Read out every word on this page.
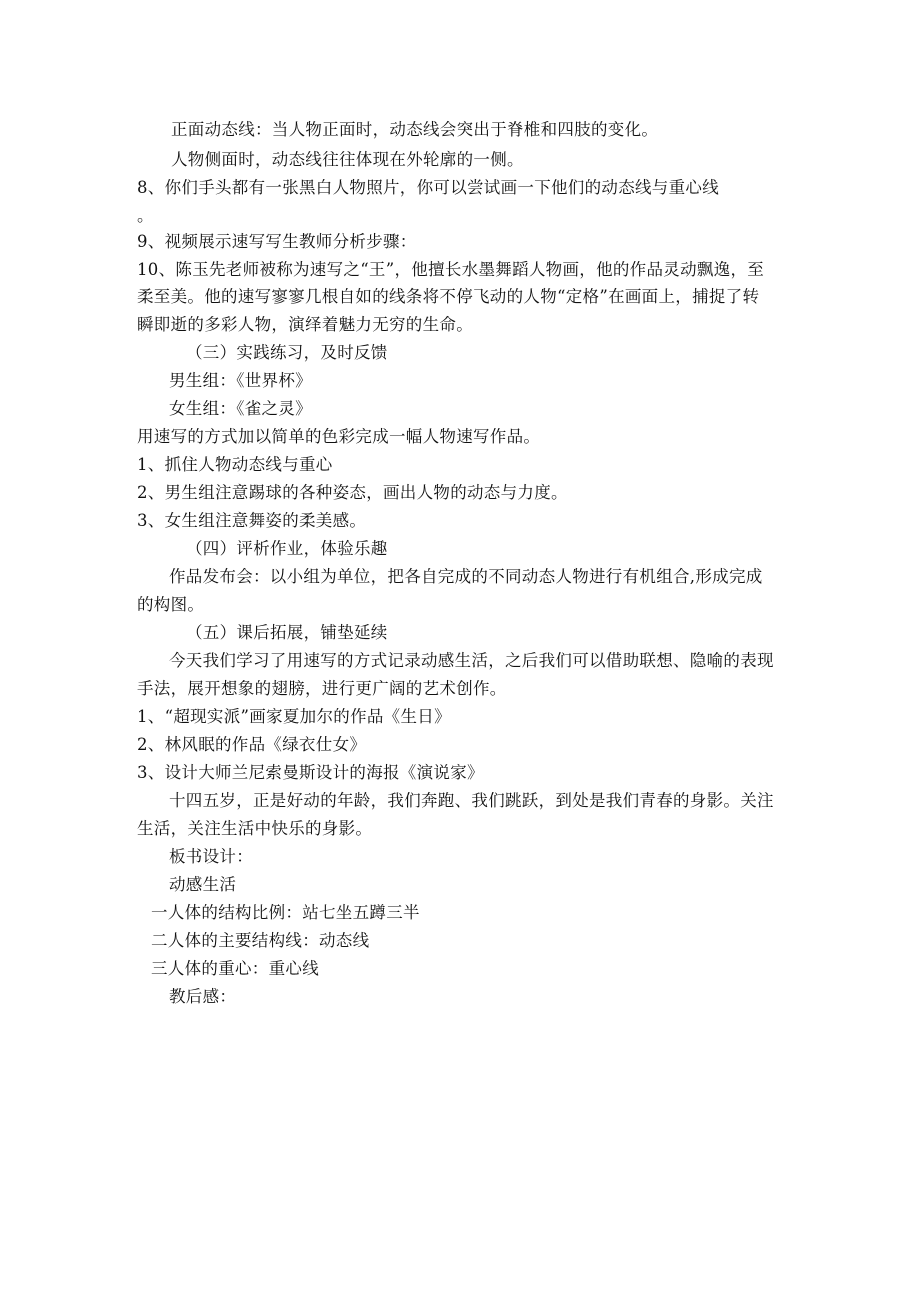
正面动态线：当人物正面时，动态线会突出于脊椎和四肢的变化。
人物侧面时，动态线往往体现在外轮廓的一侧。
8、你们手头都有一张黑白人物照片，你可以尝试画一下他们的动态线与重心线
。
9、视频展示速写写生教师分析步骤：
10、陈玉先老师被称为速写之“王”，他擅长水墨舞蹈人物画，他的作品灵动飘逸，至
柔至美。他的速写寥寥几根自如的线条将不停飞动的人物“定格”在画面上，捕捉了转
瞬即逝的多彩人物，演绎着魅力无穷的生命。
（三）实践练习，及时反馈
男生组：《世界杯》
女生组：《雀之灵》
用速写的方式加以简单的色彩完成一幅人物速写作品。
1、抓住人物动态线与重心
2、男生组注意踢球的各种姿态，画出人物的动态与力度。
3、女生组注意舞姿的柔美感。
（四）评析作业，体验乐趣
作品发布会：以小组为单位，把各自完成的不同动态人物进行有机组合,形成完成
的构图。
（五）课后拓展，铺垫延续
今天我们学习了用速写的方式记录动感生活，之后我们可以借助联想、隐喻的表现
手法，展开想象的翅膀，进行更广阔的艺术创作。
1、“超现实派”画家夏加尔的作品《生日》
2、林风眠的作品《绿衣仕女》
3、设计大师兰尼索曼斯设计的海报《演说家》
十四五岁，正是好动的年龄，我们奔跑、我们跳跃，到处是我们青春的身影。关注
生活，关注生活中快乐的身影。
板书设计：
动感生活
一人体的结构比例：站七坐五蹲三半
二人体的主要结构线：动态线
三人体的重心：重心线
教后感：
